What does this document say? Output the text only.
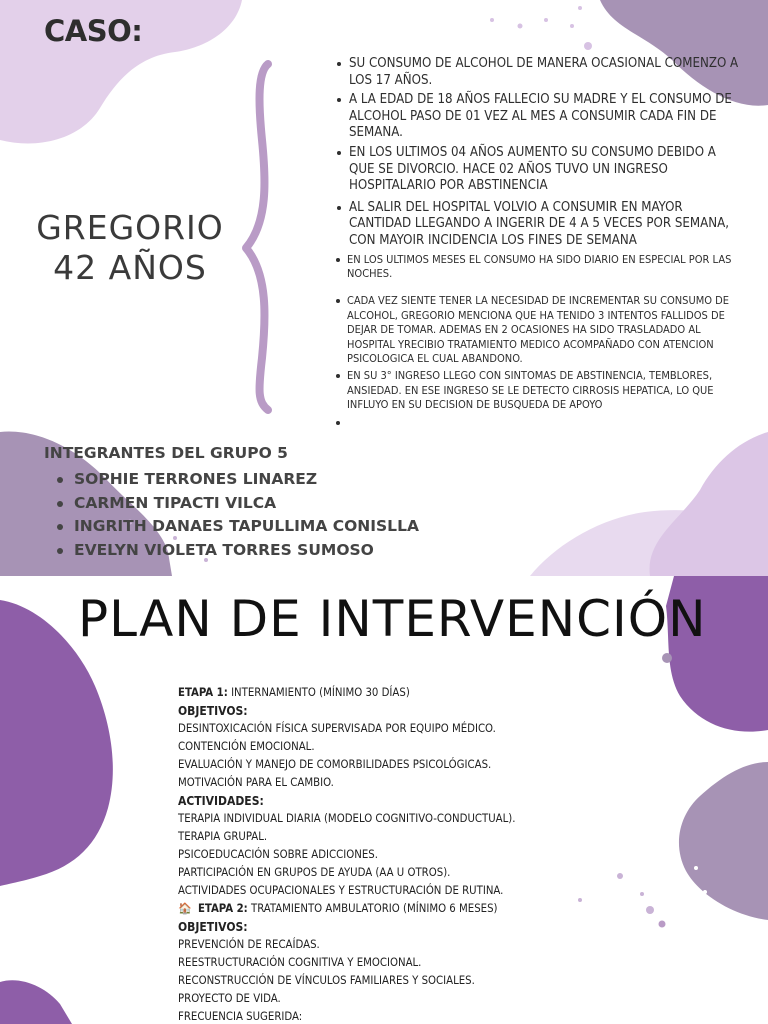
CASO:
GREGORIO
42 AÑOS
SU CONSUMO DE ALCOHOL DE MANERA OCASIONAL COMENZO A LOS 17 AÑOS.
A LA EDAD DE 18 AÑOS FALLECIO SU MADRE Y EL CONSUMO DE ALCOHOL PASO DE 01 VEZ AL MES A CONSUMIR CADA FIN DE SEMANA.
EN LOS ULTIMOS 04 AÑOS AUMENTO SU CONSUMO DEBIDO A QUE SE DIVORCIO. HACE 02 AÑOS TUVO UN INGRESO HOSPITALARIO POR ABSTINENCIA
AL SALIR DEL HOSPITAL VOLVIO A CONSUMIR EN MAYOR CANTIDAD LLEGANDO A INGERIR DE 4 A 5 VECES POR SEMANA, CON MAYOIR INCIDENCIA LOS FINES DE SEMANA
EN LOS ULTIMOS MESES EL CONSUMO HA SIDO DIARIO EN ESPECIAL POR LAS NOCHES.
CADA VEZ SIENTE TENER LA NECESIDAD DE INCREMENTAR SU CONSUMO DE ALCOHOL, GREGORIO MENCIONA QUE HA TENIDO 3 INTENTOS FALLIDOS DE DEJAR DE TOMAR. ADEMAS EN 2 OCASIONES HA SIDO TRASLADADO AL HOSPITAL YRECIBIO TRATAMIENTO MEDICO ACOMPAÑADO CON ATENCION PSICOLOGICA EL CUAL ABANDONO.
EN SU 3° INGRESO LLEGO CON SINTOMAS DE ABSTINENCIA, TEMBLORES, ANSIEDAD. EN ESE INGRESO SE LE DETECTO CIRROSIS HEPATICA, LO QUE INFLUYO EN SU DECISION DE BUSQUEDA DE APOYO
INTEGRANTES DEL GRUPO 5
SOPHIE TERRONES LINAREZ
CARMEN TIPACTI VILCA
INGRITH DANAES TAPULLIMA CONISLLA
EVELYN VIOLETA TORRES SUMOSO
PLAN DE INTERVENCIÓN
ETAPA 1: INTERNAMIENTO (MÍNIMO 30 DÍAS)
OBJETIVOS:
DESINTOXICACIÓN FÍSICA SUPERVISADA POR EQUIPO MÉDICO.
CONTENCIÓN EMOCIONAL.
EVALUACIÓN Y MANEJO DE COMORBILIDADES PSICOLÓGICAS.
MOTIVACIÓN PARA EL CAMBIO.
ACTIVIDADES:
TERAPIA INDIVIDUAL DIARIA (MODELO COGNITIVO-CONDUCTUAL).
TERAPIA GRUPAL.
PSICOEDUCACIÓN SOBRE ADICCIONES.
PARTICIPACIÓN EN GRUPOS DE AYUDA (AA U OTROS).
ACTIVIDADES OCUPACIONALES Y ESTRUCTURACIÓN DE RUTINA.
🏠 ETAPA 2: TRATAMIENTO AMBULATORIO (MÍNIMO 6 MESES)
OBJETIVOS:
PREVENCIÓN DE RECAÍDAS.
REESTRUCTURACIÓN COGNITIVA Y EMOCIONAL.
RECONSTRUCCIÓN DE VÍNCULOS FAMILIARES Y SOCIALES.
PROYECTO DE VIDA.
FRECUENCIA SUGERIDA:
